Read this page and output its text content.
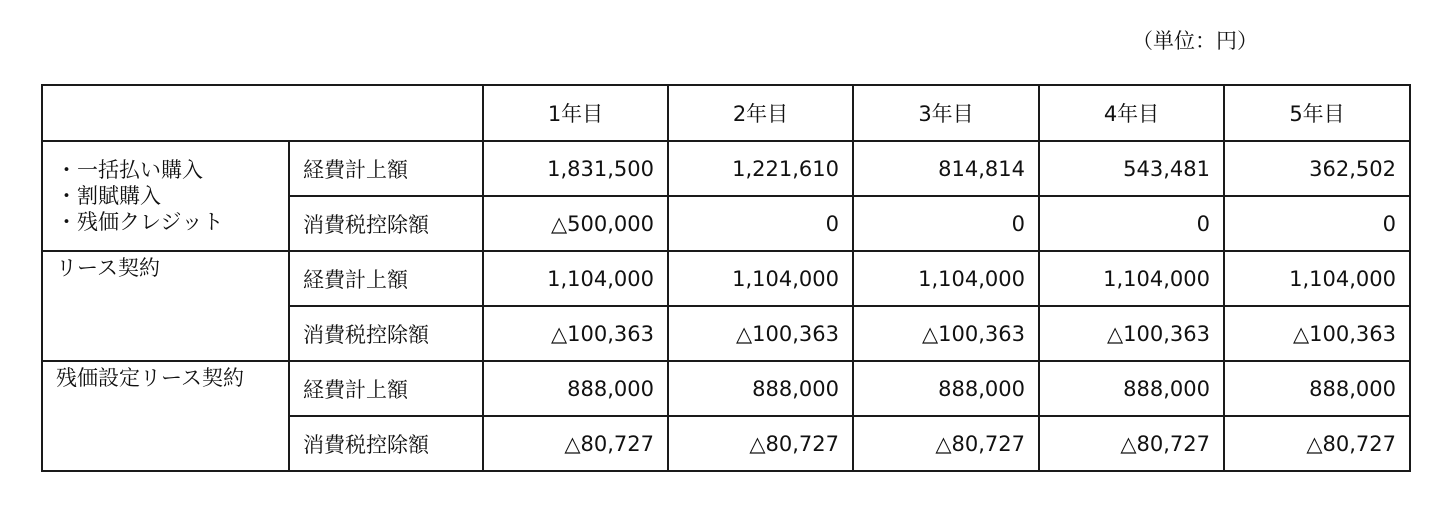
（単位：円）
		1年目	2年目	3年目	4年目	5年目

・一括払い購入
・割賦購入
・残価クレジット	経費計上額	1,831,500	1,221,610	814,814	543,481	362,502
	消費税控除額	△500,000	0	0	0	0
リース契約	経費計上額	1,104,000	1,104,000	1,104,000	1,104,000	1,104,000
	消費税控除額	△100,363	△100,363	△100,363	△100,363	△100,363
残価設定リース契約	経費計上額	888,000	888,000	888,000	888,000	888,000
	消費税控除額	△80,727	△80,727	△80,727	△80,727	△80,727
